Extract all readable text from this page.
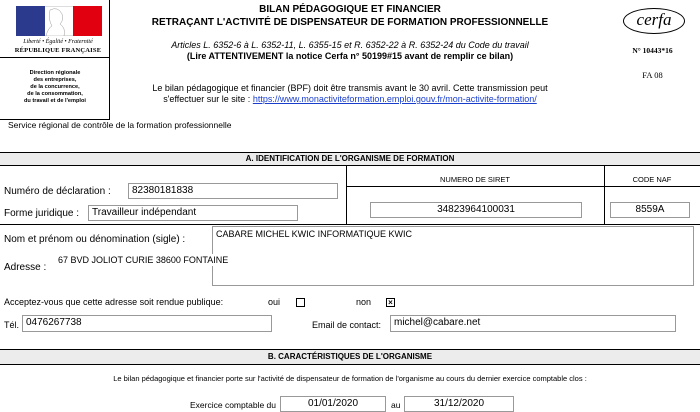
Liberté • Égalité • Fraternité
RÉPUBLIQUE FRANÇAISE
Direction régionale
des entreprises,
de la concurrence,
de la consommation,
du travail et de l'emploi
BILAN PÉDAGOGIQUE ET FINANCIER
RETRAÇANT L'ACTIVITÉ DE DISPENSATEUR DE FORMATION PROFESSIONNELLE
Articles L. 6352-6 à L. 6352-11, L. 6355-15 et R. 6352-22 à R. 6352-24 du Code du travail
(Lire ATTENTIVEMENT la notice Cerfa n° 50199#15 avant de remplir ce bilan)
Le bilan pédagogique et financier (BPF) doit être transmis avant le 30 avril. Cette transmission peut
s'effectuer sur le site : https://www.monactiviteformation.emploi.gouv.fr/mon-activite-formation/
cerfa
N° 10443*16
FA 08
Service régional de contrôle de la formation professionnelle
A. IDENTIFICATION DE L'ORGANISME DE FORMATION
Numéro de déclaration :	82380181838
Forme juridique :	Travailleur indépendant
NUMERO DE SIRET	CODE NAF
34823964100031	8559A
Nom et prénom ou dénomination (sigle) :	CABARE MICHEL KWIC INFORMATIQUE KWIC
Adresse :
67 BVD JOLIOT CURIE 38600 FONTAINE
Acceptez-vous que cette adresse soit rendue publique:	oui	non ×
Tél. 0476267738	Email de contact:	michel@cabare.net
B. CARACTÉRISTIQUES DE L'ORGANISME
Le bilan pédagogique et financier porte sur l'activité de dispensateur de formation de l'organisme au cours du dernier exercice comptable clos :
Exercice comptable du	01/01/2020	au	31/12/2020
